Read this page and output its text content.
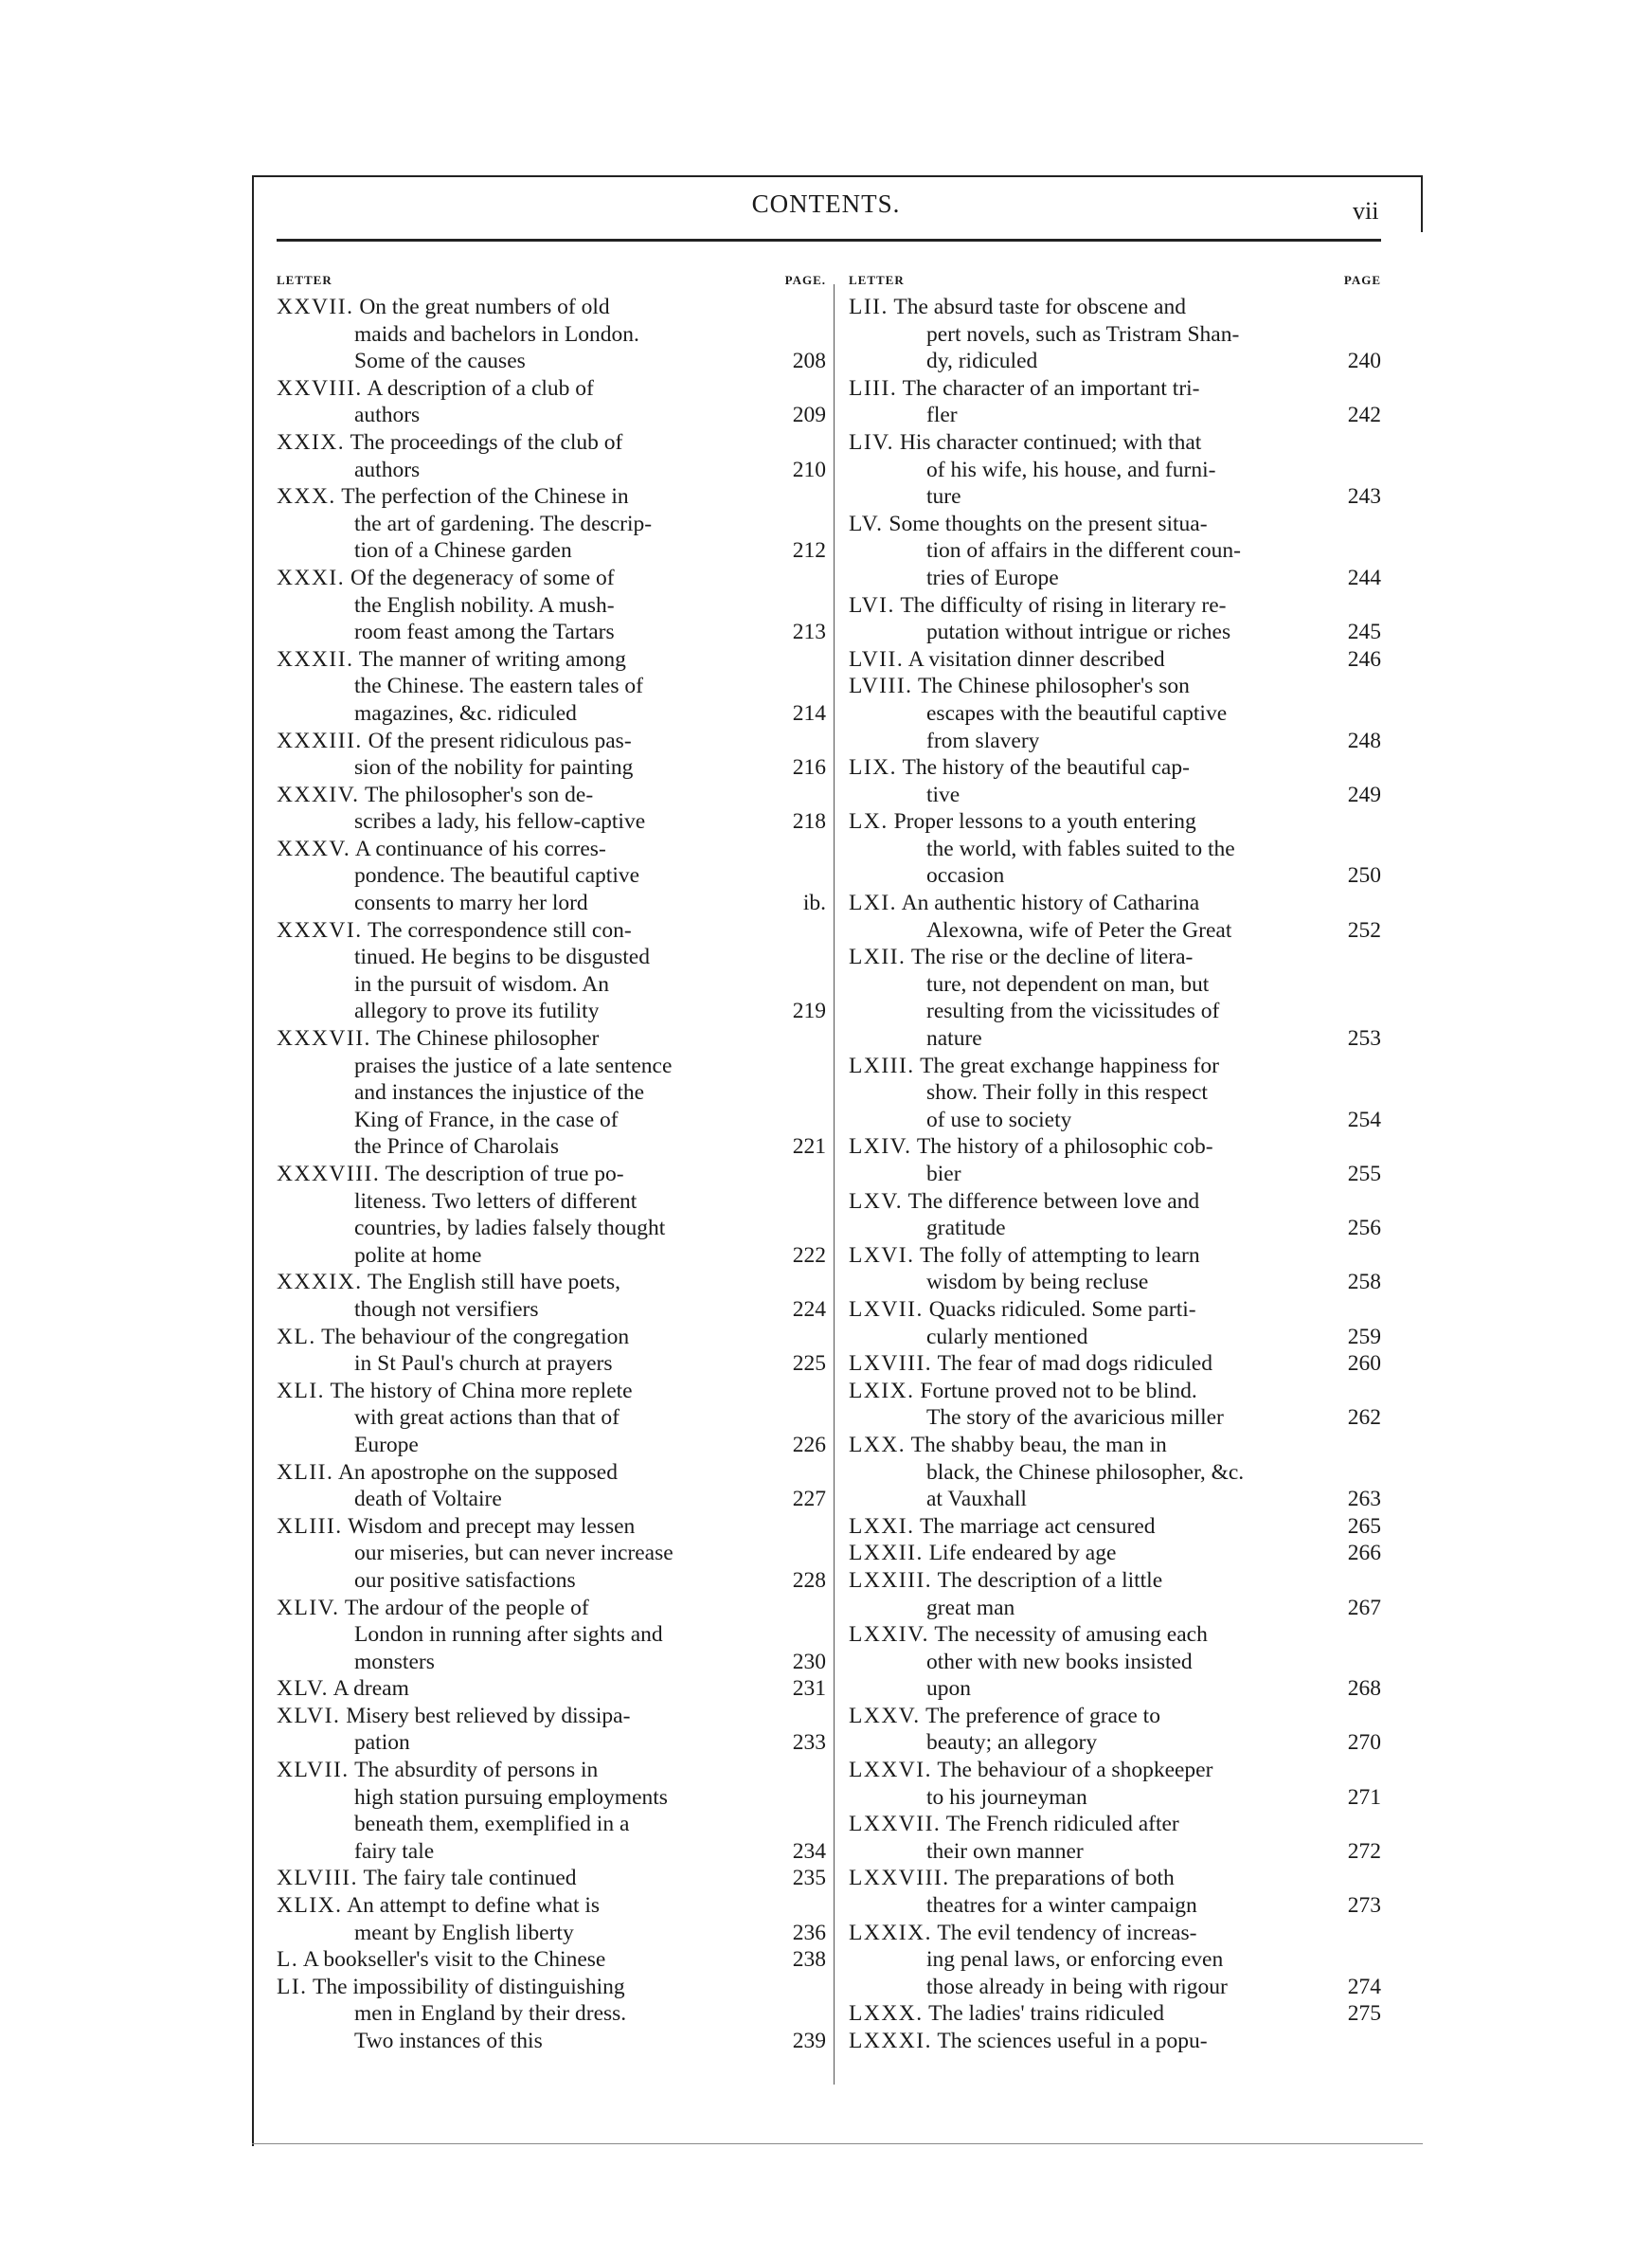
CONTENTS.	vii
LETTER	PAGE.
XXVII. On the great numbers of old
maids and bachelors in London.
Some of the causes	208
XXVIII. A description of a club of
authors	209
XXIX. The proceedings of the club of
authors	210
XXX. The perfection of the Chinese in
the art of gardening. The descrip-
tion of a Chinese garden	212
XXXI. Of the degeneracy of some of
the English nobility. A mush-
room feast among the Tartars	213
XXXII. The manner of writing among
the Chinese. The eastern tales of
magazines, &c. ridiculed	214
XXXIII. Of the present ridiculous pas-
sion of the nobility for painting	216
XXXIV. The philosopher's son de-
scribes a lady, his fellow-captive	218
XXXV. A continuance of his corres-
pondence. The beautiful captive
consents to marry her lord	ib.
XXXVI. The correspondence still con-
tinued. He begins to be disgusted
in the pursuit of wisdom. An
allegory to prove its futility	219
XXXVII. The Chinese philosopher
praises the justice of a late sentence
and instances the injustice of the
King of France, in the case of
the Prince of Charolais	221
XXXVIII. The description of true po-
liteness. Two letters of different
countries, by ladies falsely thought
polite at home	222
XXXIX. The English still have poets,
though not versifiers	224
XL. The behaviour of the congregation
in St Paul's church at prayers	225
XLI. The history of China more replete
with great actions than that of
Europe	226
XLII. An apostrophe on the supposed
death of Voltaire	227
XLIII. Wisdom and precept may lessen
our miseries, but can never increase
our positive satisfactions	228
XLIV. The ardour of the people of
London in running after sights and
monsters	230
XLV. A dream	231
XLVI. Misery best relieved by dissipa-
pation	233
XLVII. The absurdity of persons in
high station pursuing employments
beneath them, exemplified in a
fairy tale	234
XLVIII. The fairy tale continued	235
XLIX. An attempt to define what is
meant by English liberty	236
L. A bookseller's visit to the Chinese	238
LI. The impossibility of distinguishing
men in England by their dress.
Two instances of this	239
LETTER	PAGE
LII. The absurd taste for obscene and
pert novels, such as Tristram Shan-
dy, ridiculed	240
LIII. The character of an important tri-
fler	242
LIV. His character continued; with that
of his wife, his house, and furni-
ture	243
LV. Some thoughts on the present situa-
tion of affairs in the different coun-
tries of Europe	244
LVI. The difficulty of rising in literary re-
putation without intrigue or riches	245
LVII. A visitation dinner described	246
LVIII. The Chinese philosopher's son
escapes with the beautiful captive
from slavery	248
LIX. The history of the beautiful cap-
tive	249
LX. Proper lessons to a youth entering
the world, with fables suited to the
occasion	250
LXI. An authentic history of Catharina
Alexowna, wife of Peter the Great	252
LXII. The rise or the decline of litera-
ture, not dependent on man, but
resulting from the vicissitudes of
nature	253
LXIII. The great exchange happiness for
show. Their folly in this respect
of use to society	254
LXIV. The history of a philosophic cob-
bier	255
LXV. The difference between love and
gratitude	256
LXVI. The folly of attempting to learn
wisdom by being recluse	258
LXVII. Quacks ridiculed. Some parti-
cularly mentioned	259
LXVIII. The fear of mad dogs ridiculed	260
LXIX. Fortune proved not to be blind.
The story of the avaricious miller	262
LXX. The shabby beau, the man in
black, the Chinese philosopher, &c.
at Vauxhall	263
LXXI. The marriage act censured	265
LXXII. Life endeared by age	266
LXXIII. The description of a little
great man	267
LXXIV. The necessity of amusing each
other with new books insisted
upon	268
LXXV. The preference of grace to
beauty; an allegory	270
LXXVI. The behaviour of a shopkeeper
to his journeyman	271
LXXVII. The French ridiculed after
their own manner	272
LXXVIII. The preparations of both
theatres for a winter campaign	273
LXXIX. The evil tendency of increas-
ing penal laws, or enforcing even
those already in being with rigour	274
LXXX. The ladies' trains ridiculed	275
LXXXI. The sciences useful in a popu-
